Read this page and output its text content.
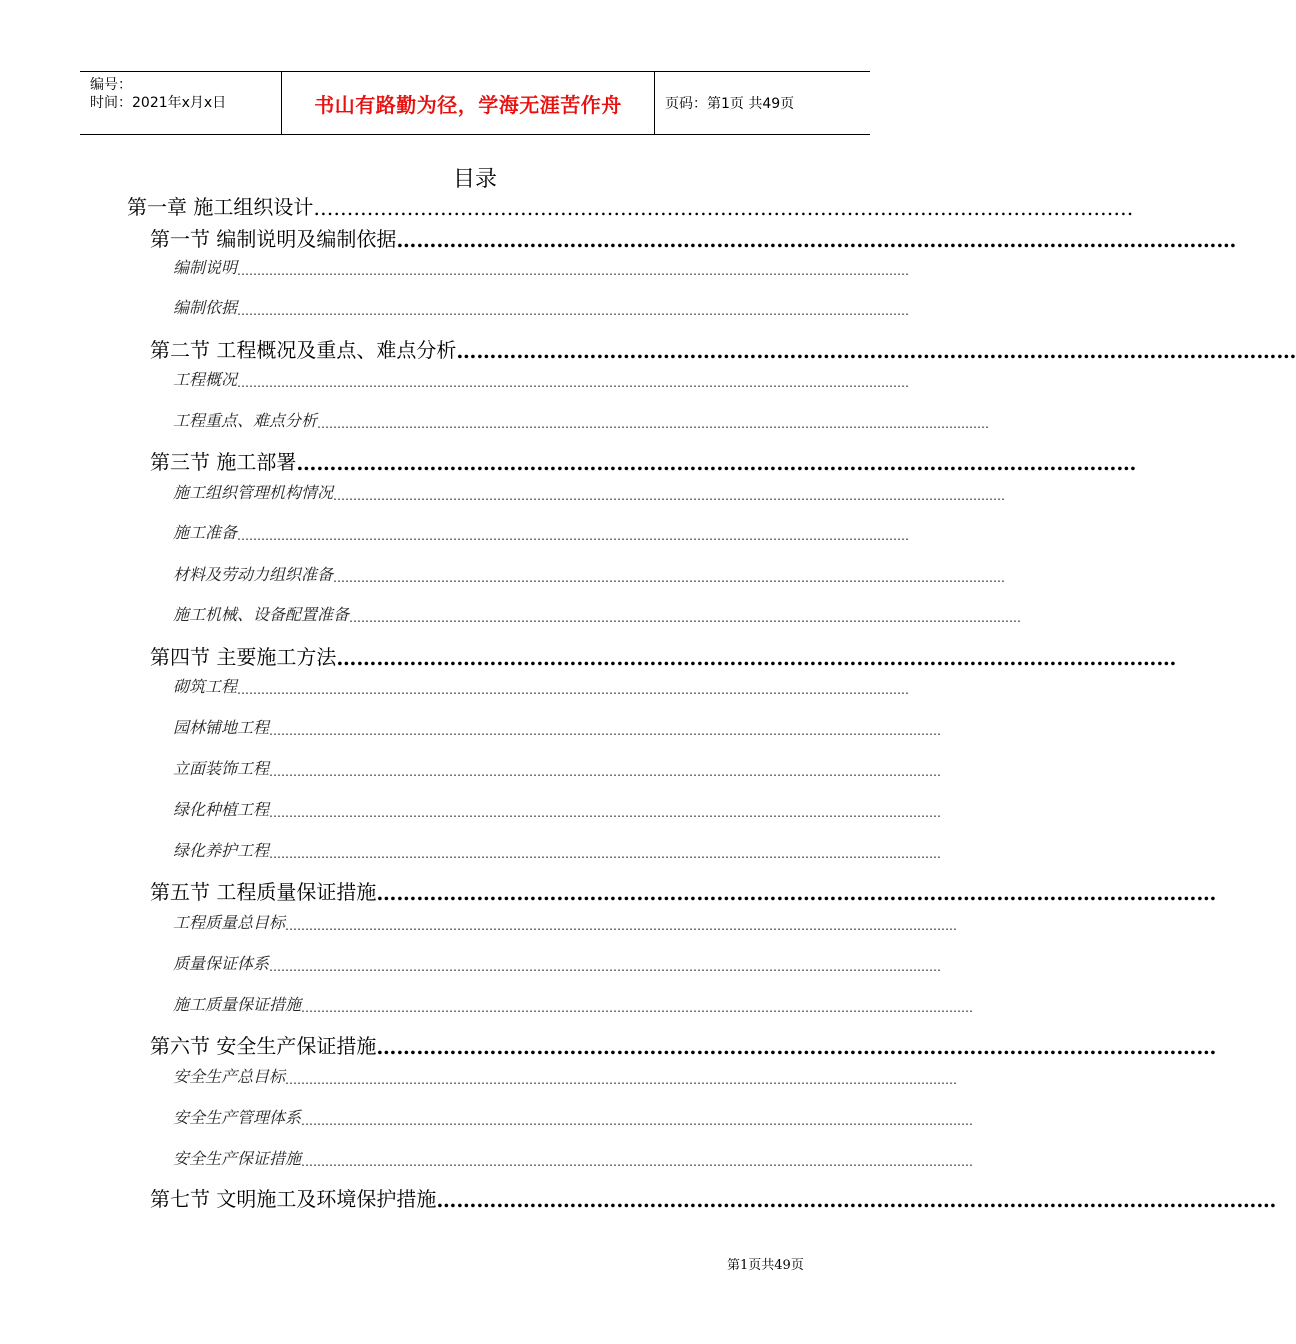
编号：
时间：2021年x月x日	书山有路勤为径，学海无涯苦作舟	页码：第1页 共49页
目录
第一章 施工组织设计 ……………………………………………………………………………………………………………
第一节 编制说明及编制依据 ………………………………………………………………………………………………………………
编制说明 ……………………………………………………………………………………………………………………………………………………
编制依据 ……………………………………………………………………………………………………………………………………………………
第二节 工程概况及重点、难点分析 ………………………………………………………………………………………………………………
工程概况 ……………………………………………………………………………………………………………………………………………………
工程重点、难点分析 ……………………………………………………………………………………………………………………………………………………
第三节 施工部署 ………………………………………………………………………………………………………………
施工组织管理机构情况 ……………………………………………………………………………………………………………………………………………………
施工准备 ……………………………………………………………………………………………………………………………………………………
材料及劳动力组织准备 ……………………………………………………………………………………………………………………………………………………
施工机械、设备配置准备 ……………………………………………………………………………………………………………………………………………………
第四节 主要施工方法 ………………………………………………………………………………………………………………
砌筑工程 ……………………………………………………………………………………………………………………………………………………
园林铺地工程 ……………………………………………………………………………………………………………………………………………………
立面装饰工程 ……………………………………………………………………………………………………………………………………………………
绿化种植工程 ……………………………………………………………………………………………………………………………………………………
绿化养护工程 ……………………………………………………………………………………………………………………………………………………
第五节 工程质量保证措施 ………………………………………………………………………………………………………………
工程质量总目标 ……………………………………………………………………………………………………………………………………………………
质量保证体系 ……………………………………………………………………………………………………………………………………………………
施工质量保证措施 ……………………………………………………………………………………………………………………………………………………
第六节 安全生产保证措施 ………………………………………………………………………………………………………………
安全生产总目标 ……………………………………………………………………………………………………………………………………………………
安全生产管理体系 ……………………………………………………………………………………………………………………………………………………
安全生产保证措施 ……………………………………………………………………………………………………………………………………………………
第七节 文明施工及环境保护措施 ………………………………………………………………………………………………………………
第1页共49页
